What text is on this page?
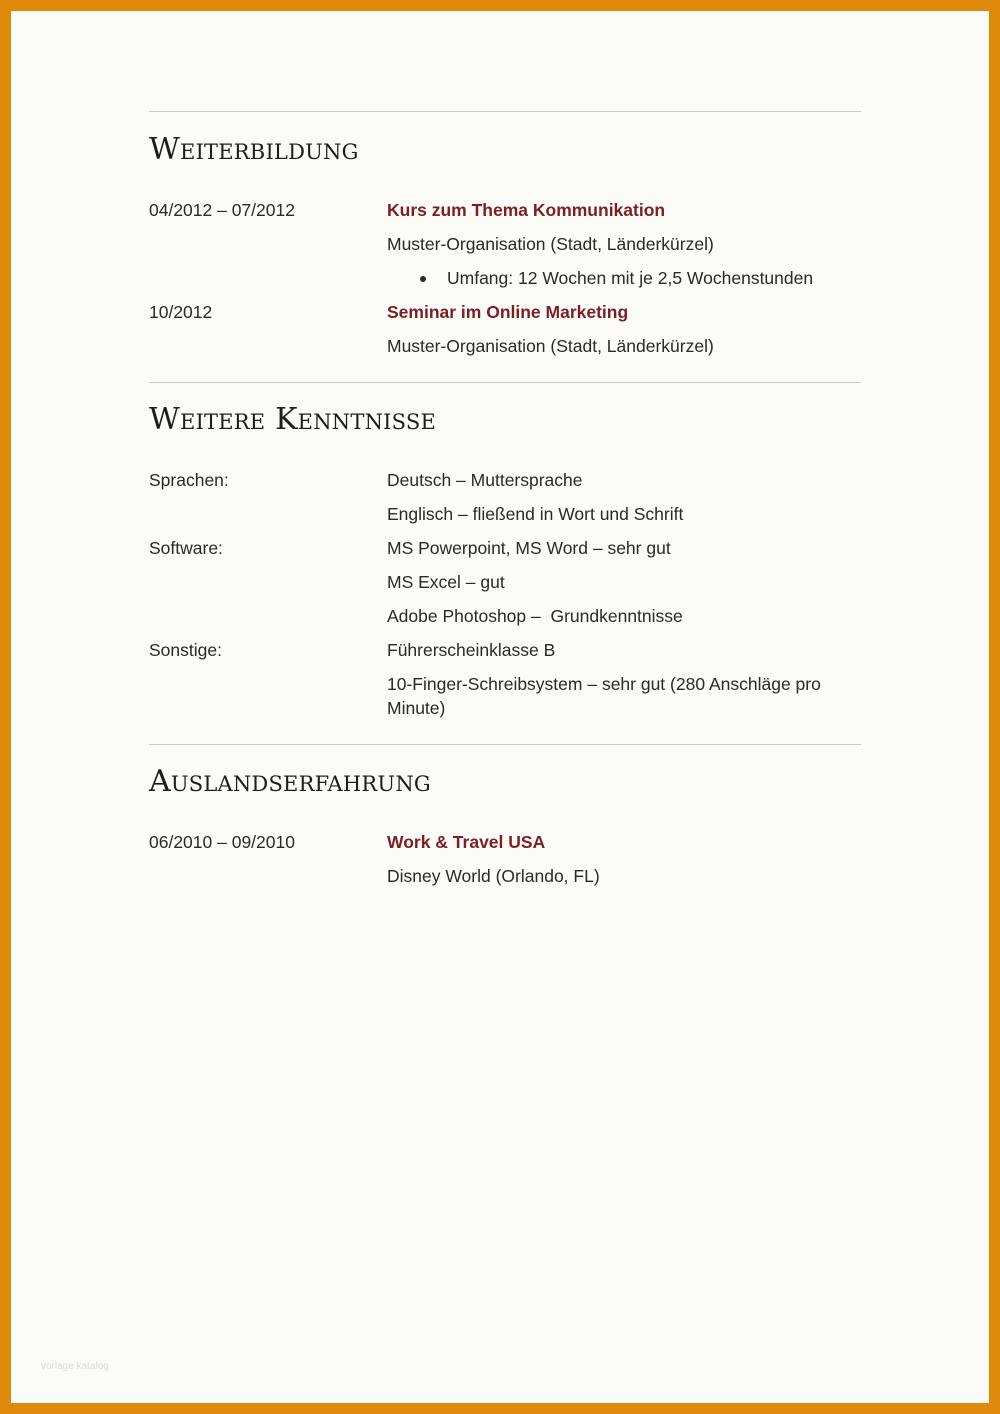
Weiterbildung
04/2012 – 07/2012	Kurs zum Thema Kommunikation
Muster-Organisation (Stadt, Länderkürzel)
Umfang: 12 Wochen mit je 2,5 Wochenstunden
10/2012	Seminar im Online Marketing
Muster-Organisation (Stadt, Länderkürzel)
Weitere Kenntnisse
Sprachen:	Deutsch – Muttersprache
Englisch – fließend in Wort und Schrift
Software:	MS Powerpoint, MS Word – sehr gut
MS Excel – gut
Adobe Photoshop –  Grundkenntnisse
Sonstige:	Führerscheinklasse B
10-Finger-Schreibsystem – sehr gut (280 Anschläge pro Minute)
Auslandserfahrung
06/2010 – 09/2010	Work & Travel USA
Disney World (Orlando, FL)
vorlage katalog
